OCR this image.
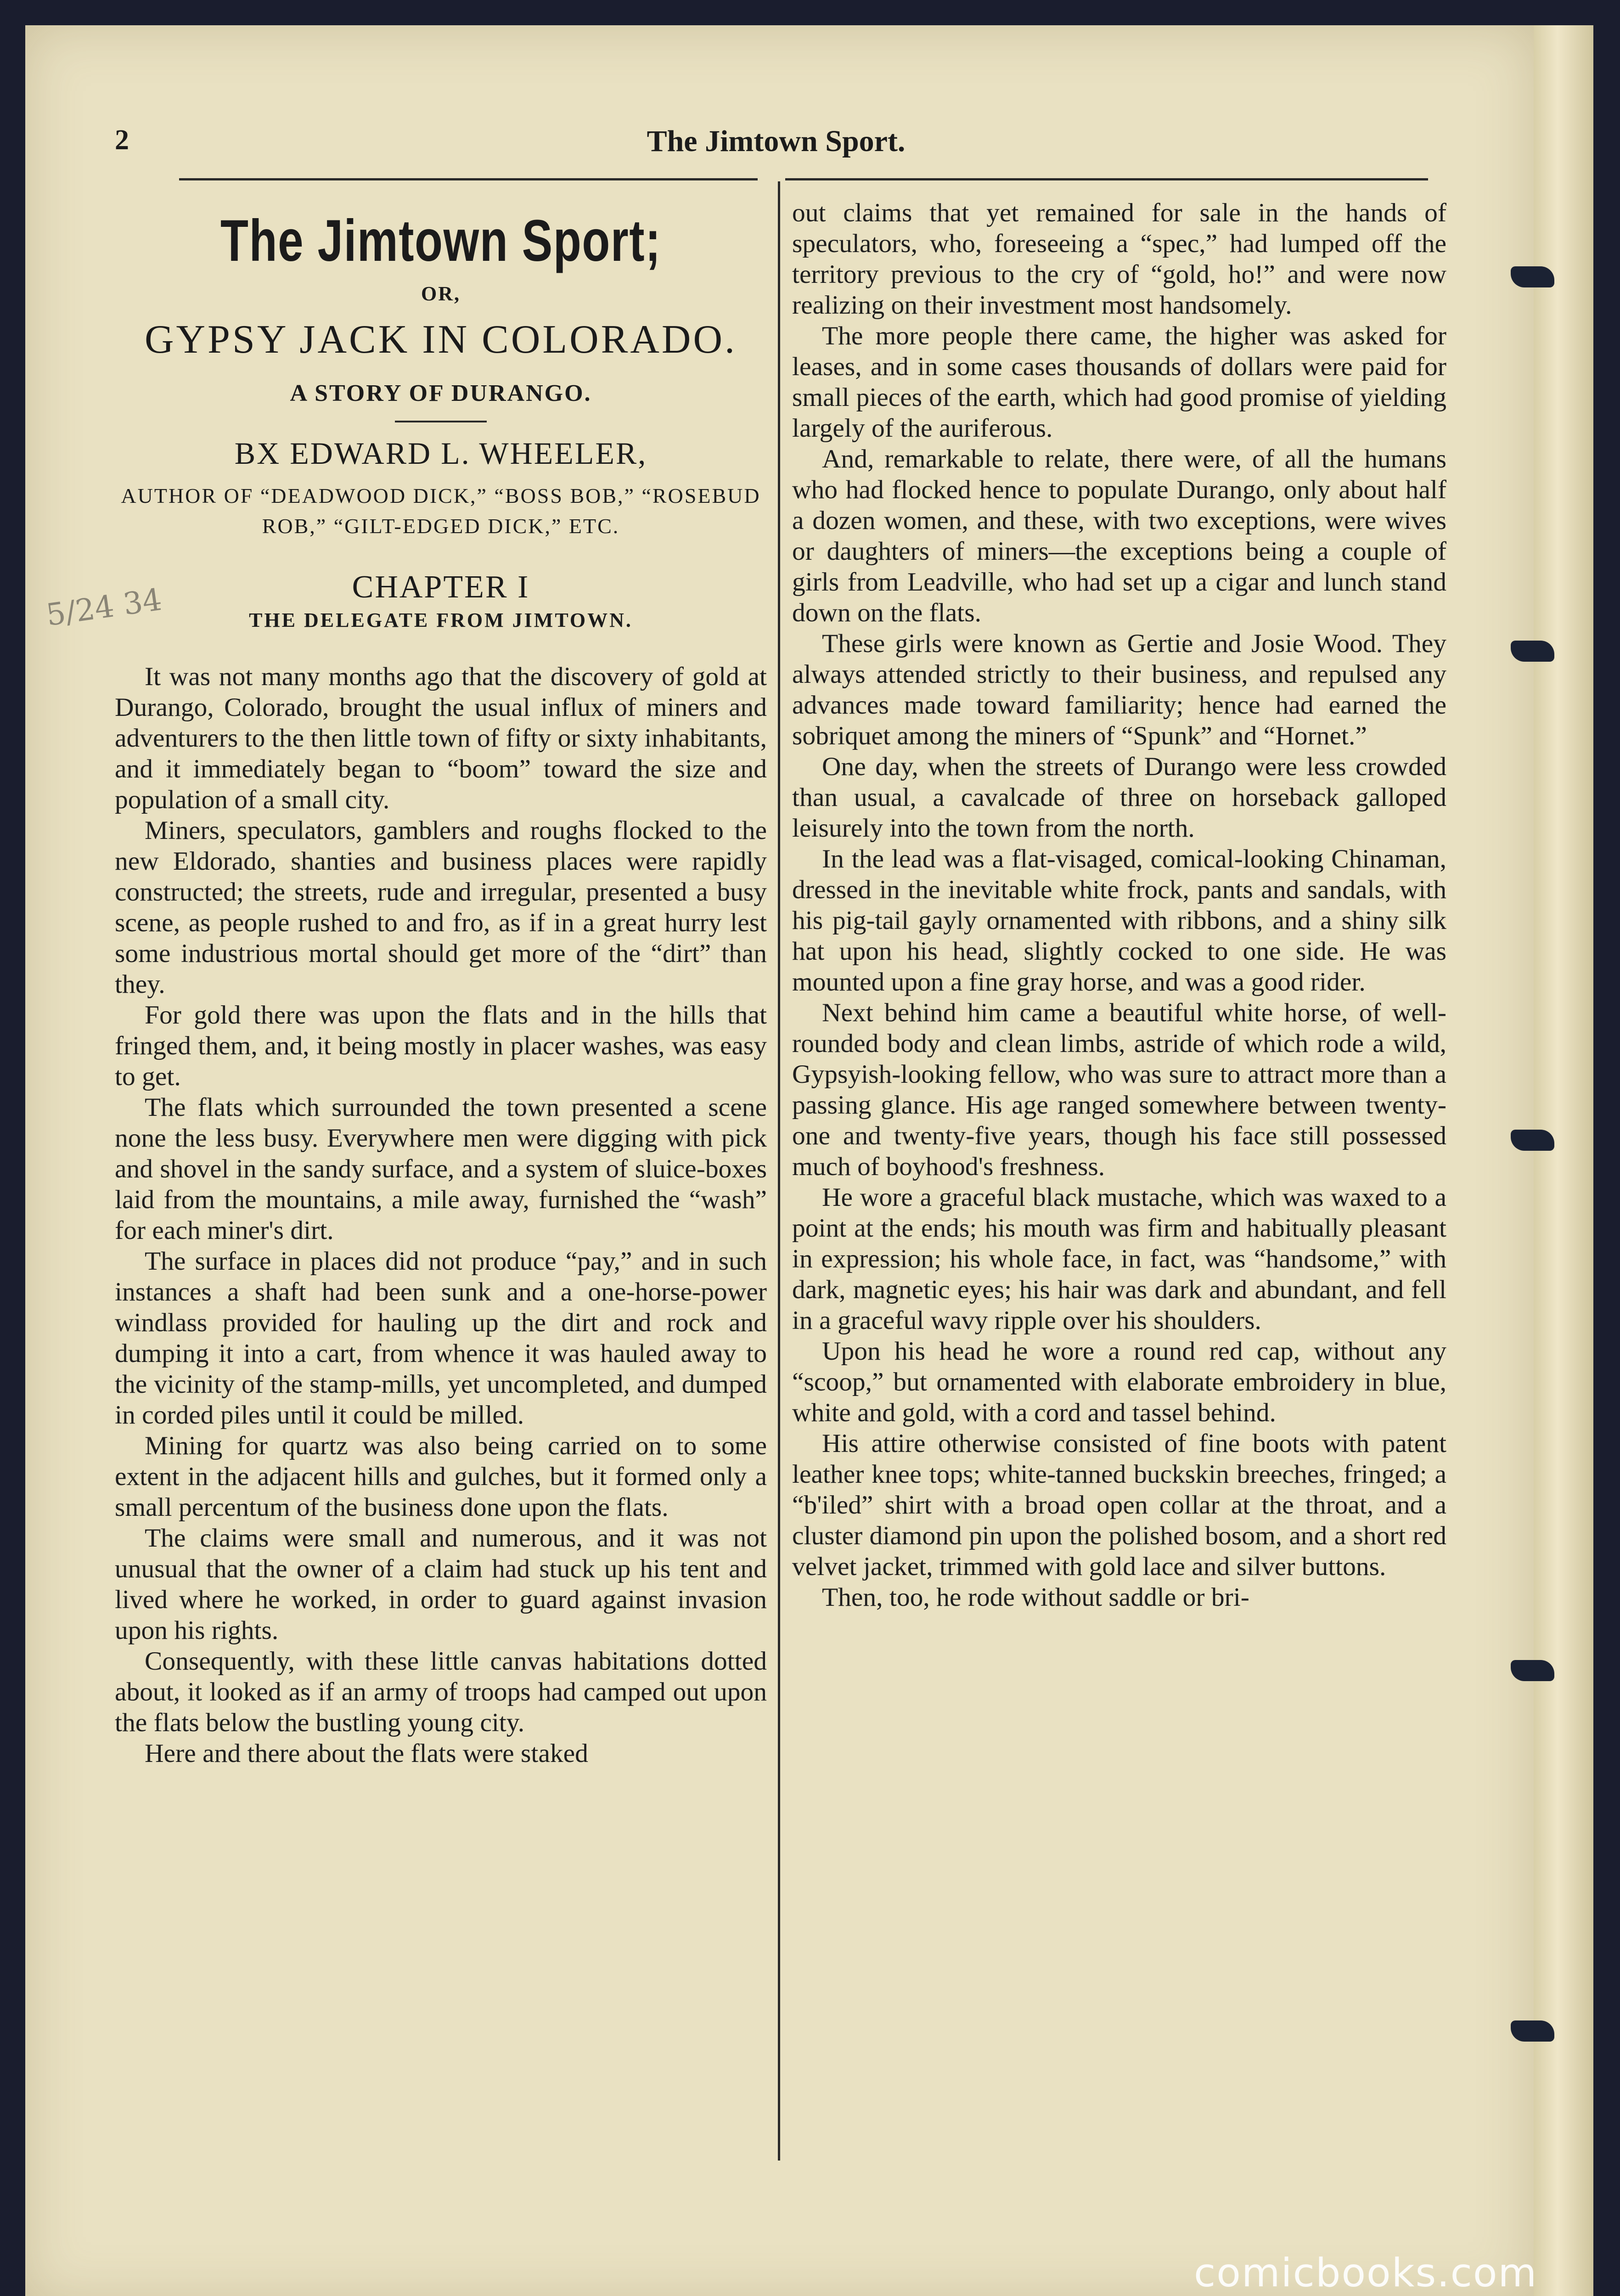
2	The Jimtown Sport.
5/24 34
The Jimtown Sport;
OR,
GYPSY JACK IN COLORADO.
A STORY OF DURANGO.
BX EDWARD L. WHEELER,
AUTHOR OF “DEADWOOD DICK,” “BOSS BOB,” “ROSEBUD ROB,” “GILT-EDGED DICK,” ETC.
CHAPTER I
THE DELEGATE FROM JIMTOWN.

It was not many months ago that the discovery of gold at Durango, Colorado, brought the usual influx of miners and adventurers to the then little town of fifty or sixty inhabitants, and it immediately began to “boom” toward the size and population of a small city.

Miners, speculators, gamblers and roughs flocked to the new Eldorado, shanties and business places were rapidly constructed; the streets, rude and irregular, presented a busy scene, as people rushed to and fro, as if in a great hurry lest some industrious mortal should get more of the “dirt” than they.

For gold there was upon the flats and in the hills that fringed them, and, it being mostly in placer washes, was easy to get.

The flats which surrounded the town presented a scene none the less busy. Everywhere men were digging with pick and shovel in the sandy surface, and a system of sluice-boxes laid from the mountains, a mile away, furnished the “wash” for each miner's dirt.

The surface in places did not produce “pay,” and in such instances a shaft had been sunk and a one-horse-power windlass provided for hauling up the dirt and rock and dumping it into a cart, from whence it was hauled away to the vicinity of the stamp-mills, yet uncompleted, and dumped in corded piles until it could be milled.

Mining for quartz was also being carried on to some extent in the adjacent hills and gulches, but it formed only a small percentum of the business done upon the flats.

The claims were small and numerous, and it was not unusual that the owner of a claim had stuck up his tent and lived where he worked, in order to guard against invasion upon his rights.

Consequently, with these little canvas habitations dotted about, it looked as if an army of troops had camped out upon the flats below the bustling young city.

Here and there about the flats were staked

out claims that yet remained for sale in the hands of speculators, who, foreseeing a “spec,” had lumped off the territory previous to the cry of “gold, ho!” and were now realizing on their investment most handsomely.

The more people there came, the higher was asked for leases, and in some cases thousands of dollars were paid for small pieces of the earth, which had good promise of yielding largely of the auriferous.

And, remarkable to relate, there were, of all the humans who had flocked hence to populate Durango, only about half a dozen women, and these, with two exceptions, were wives or daughters of miners—the exceptions being a couple of girls from Leadville, who had set up a cigar and lunch stand down on the flats.

These girls were known as Gertie and Josie Wood. They always attended strictly to their business, and repulsed any advances made toward familiarity; hence had earned the sobriquet among the miners of “Spunk” and “Hornet.”

One day, when the streets of Durango were less crowded than usual, a cavalcade of three on horseback galloped leisurely into the town from the north.

In the lead was a flat-visaged, comical-looking Chinaman, dressed in the inevitable white frock, pants and sandals, with his pig-tail gayly ornamented with ribbons, and a shiny silk hat upon his head, slightly cocked to one side. He was mounted upon a fine gray horse, and was a good rider.

Next behind him came a beautiful white horse, of well-rounded body and clean limbs, astride of which rode a wild, Gypsyish-looking fellow, who was sure to attract more than a passing glance. His age ranged somewhere between twenty-one and twenty-five years, though his face still possessed much of boyhood's freshness.

He wore a graceful black mustache, which was waxed to a point at the ends; his mouth was firm and habitually pleasant in expression; his whole face, in fact, was “handsome,” with dark, magnetic eyes; his hair was dark and abundant, and fell in a graceful wavy ripple over his shoulders.

Upon his head he wore a round red cap, without any “scoop,” but ornamented with elaborate embroidery in blue, white and gold, with a cord and tassel behind.

His attire otherwise consisted of fine boots with patent leather knee tops; white-tanned buckskin breeches, fringed; a “b'iled” shirt with a broad open collar at the throat, and a cluster diamond pin upon the polished bosom, and a short red velvet jacket, trimmed with gold lace and silver buttons.

Then, too, he rode without saddle or bri-

comicbooks.com
